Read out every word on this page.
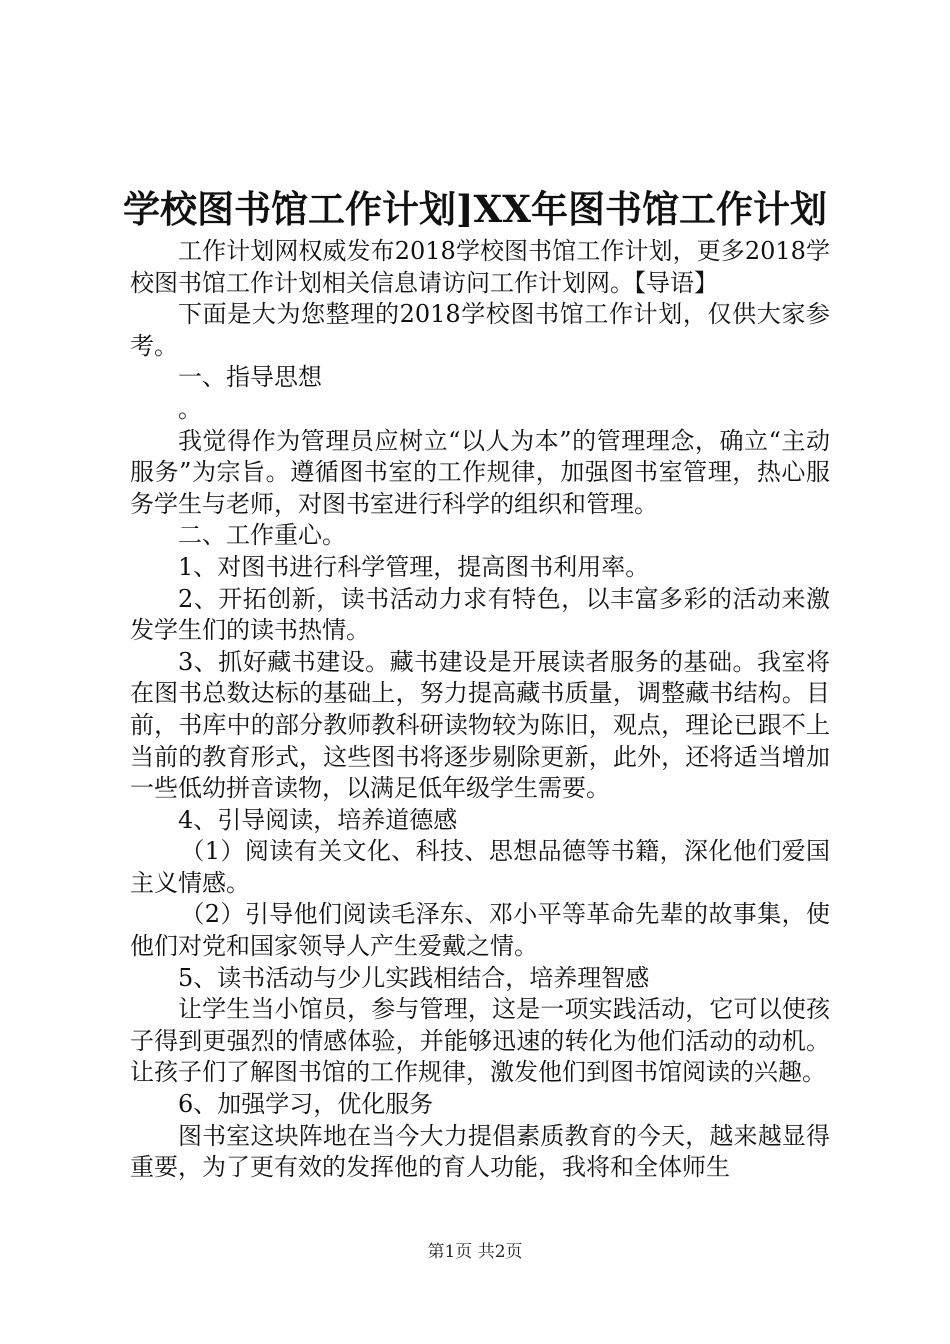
学校图书馆工作计划]XX年图书馆工作计划

工作计划网权威发布2018学校图书馆工作计划，更多2018学校图书馆工作计划相关信息请访问工作计划网。【导语】

下面是大为您整理的2018学校图书馆工作计划，仅供大家参考。

一、指导思想

。

我觉得作为管理员应树立“以人为本”的管理理念，确立“主动服务”为宗旨。遵循图书室的工作规律，加强图书室管理，热心服务学生与老师，对图书室进行科学的组织和管理。

二、工作重心。

1、对图书进行科学管理，提高图书利用率。

2、开拓创新，读书活动力求有特色，以丰富多彩的活动来激发学生们的读书热情。

3、抓好藏书建设。藏书建设是开展读者服务的基础。我室将在图书总数达标的基础上，努力提高藏书质量，调整藏书结构。目前，书库中的部分教师教科研读物较为陈旧，观点，理论已跟不上当前的教育形式，这些图书将逐步剔除更新，此外，还将适当增加一些低幼拼音读物，以满足低年级学生需要。

4、引导阅读，培养道德感

（1）阅读有关文化、科技、思想品德等书籍，深化他们爱国主义情感。

（2）引导他们阅读毛泽东、邓小平等革命先辈的故事集，使他们对党和国家领导人产生爱戴之情。

5、读书活动与少儿实践相结合，培养理智感

让学生当小馆员，参与管理，这是一项实践活动，它可以使孩子得到更强烈的情感体验，并能够迅速的转化为他们活动的动机。让孩子们了解图书馆的工作规律，激发他们到图书馆阅读的兴趣。

6、加强学习，优化服务

图书室这块阵地在当今大力提倡素质教育的今天，越来越显得重要，为了更有效的发挥他的育人功能，我将和全体师生

第1页 共2页
